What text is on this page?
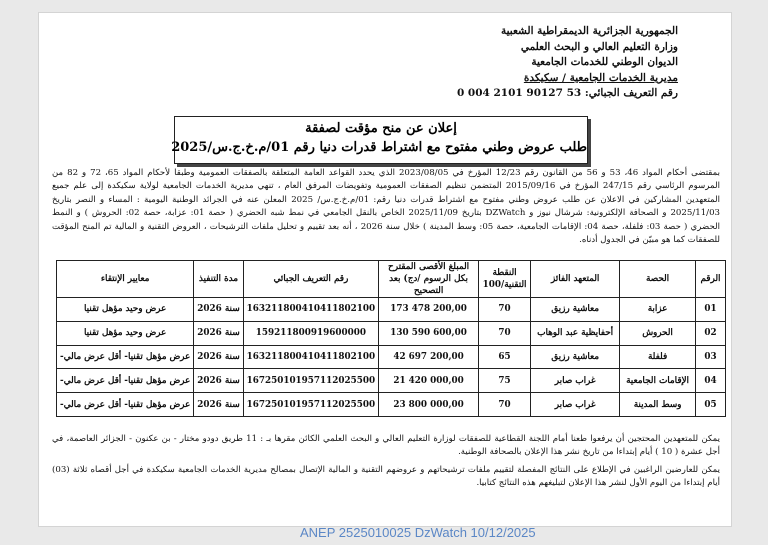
الجمهورية الجزائرية الديمقراطية الشعبية
وزارة التعليم العالي و البحث العلمي
الديوان الوطني للخدمات الجامعية
مديرية الخدمات الجامعية / سكيكدة
رقم التعريف الجبائي: 53 90127 2101 004 0
إعلان عن منح مؤقت لصفقة
طلب عروض وطني مفتوح مع اشتراط قدرات دنيا رقم 01/م.خ.ج.س/2025

بمقتضى أحكام المواد 46، 53 و 56 من القانون رقم 12/23 المؤرخ في 2023/08/05 الذي يحدد القواعد العامة المتعلقة بالصفقات العمومية وطبقا لأحكام المواد 65، 72 و 82 من المرسوم الرئاسي رقم 247/15 المؤرخ في 2015/09/16 المتضمن تنظيم الصفقات العمومية وتفويضات المرفق العام ، تنهي مديرية الخدمات الجامعية لولاية سكيكدة إلى علم جميع المتعهدين المشاركين في الاعلان عن طلب عروض وطني مفتوح مع اشتراط قدرات دنيا رقم: 01/م.خ.ج.س/ 2025 المعلن عنه في الجرائد الوطنية اليومية : المساء و النصر بتاريخ 2025/11/03 و الصحافة الإلكترونية: شرشال نيوز و DZWatch بتاريخ 2025/11/09 الخاص بالنقل الجامعي في نمط شبه الحضري ( حصة 01: عزابة، حصة 02: الحروش ) و النمط الحضري ( حصة 03: فلفلة، حصة 04: الإقامات الجامعية، حصة 05: وسط المدينة ) خلال سنة 2026 ، أنه بعد تقييم و تحليل ملفات الترشيحات ، العروض التقنية و المالية تم المنح المؤقت للصفقات كما هو مبيّن في الجدول أدناه.

الرقم	الحصة	المتعهد الفائز	النقطة التقنية/100	المبلغ الأقصى المقترح بكل الرسوم /دج) بعد التصحيح	رقم التعريف الجبائي	مدة التنفيذ	معايير الإنتقاء
01	عزابة	معاشية رزيق	70	173 478 200,00	163211800410411802100	سنة 2026	عرض وحيد مؤهل تقنيا
02	الحروش	أحفايظية عبد الوهاب	70	130 590 600,00	159211800919600000	سنة 2026	عرض وحيد مؤهل تقنيا
03	فلفلة	معاشية رزيق	65	42 697 200,00	163211800410411802100	سنة 2026	عرض مؤهل تقنيا- أقل عرض مالي-
04	الإقامات الجامعية	غراب صابر	75	21 420 000,00	167250101957112025500	سنة 2026	عرض مؤهل تقنيا- أقل عرض مالي-
05	وسط المدينة	غراب صابر	70	23 800 000,00	167250101957112025500	سنة 2026	عرض مؤهل تقنيا- أقل عرض مالي-

يمكن للمتعهدين المحتجين أن يرفعوا طعنا أمام اللجنة القطاعية للصفقات لوزارة التعليم العالي و البحث العلمي الكائن مقرها بـ : 11 طريق دودو مختار - بن عكنون - الجزائر العاصمة، في أجل عشرة ( 10 ) أيام إبتداءا من تاريخ نشر هذا الإعلان بالصحافة الوطنية.

يمكن للعارضين الراغبين في الإطلاع على النتائج المفصلة لتقييم ملفات ترشيحاتهم و عروضهم التقنية و المالية الإتصال بمصالح مديرية الخدمات الجامعية سكيكدة في أجل أقصاه ثلاثة (03) أيام إبتداءا من اليوم الأول لنشر هذا الإعلان لتبليغهم هذه النتائج كتابيا.

ANEP 2525010025 DzWatch 10/12/2025
